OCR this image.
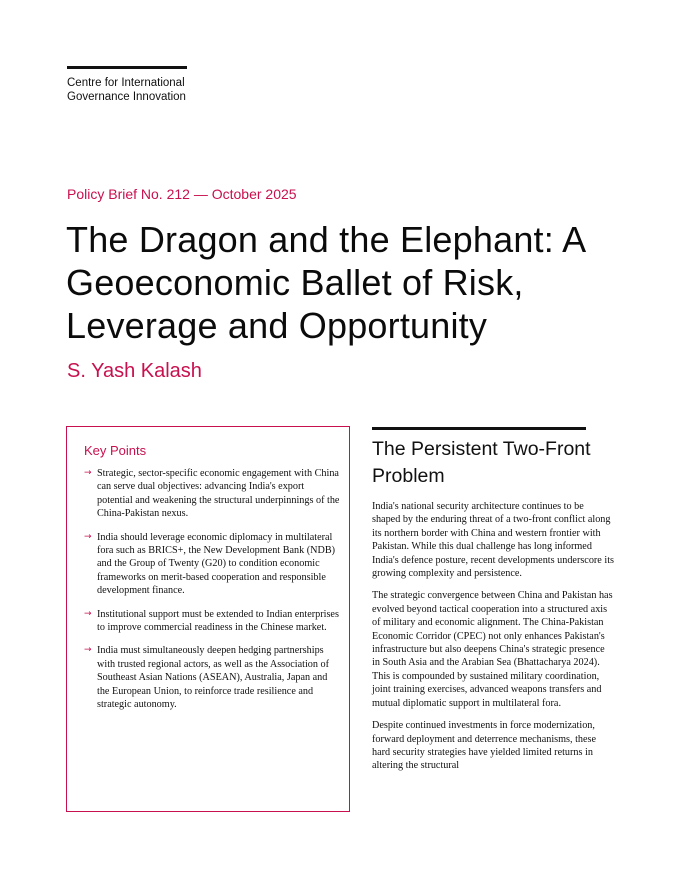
Centre for International
Governance Innovation
Policy Brief No. 212 — October 2025
The Dragon and the Elephant: A Geoeconomic Ballet of Risk, Leverage and Opportunity
S. Yash Kalash
Key Points
→ Strategic, sector-specific economic engagement with China can serve dual objectives: advancing India's export potential and weakening the structural underpinnings of the China-Pakistan nexus.
→ India should leverage economic diplomacy in multilateral fora such as BRICS+, the New Development Bank (NDB) and the Group of Twenty (G20) to condition economic frameworks on merit-based cooperation and responsible development finance.
→ Institutional support must be extended to Indian enterprises to improve commercial readiness in the Chinese market.
→ India must simultaneously deepen hedging partnerships with trusted regional actors, as well as the Association of Southeast Asian Nations (ASEAN), Australia, Japan and the European Union, to reinforce trade resilience and strategic autonomy.
The Persistent Two-Front Problem

India's national security architecture continues to be shaped by the enduring threat of a two-front conflict along its northern border with China and western frontier with Pakistan. While this dual challenge has long informed India's defence posture, recent developments underscore its growing complexity and persistence.

The strategic convergence between China and Pakistan has evolved beyond tactical cooperation into a structured axis of military and economic alignment. The China-Pakistan Economic Corridor (CPEC) not only enhances Pakistan's infrastructure but also deepens China's strategic presence in South Asia and the Arabian Sea (Bhattacharya 2024). This is compounded by sustained military coordination, joint training exercises, advanced weapons transfers and mutual diplomatic support in multilateral fora.

Despite continued investments in force modernization, forward deployment and deterrence mechanisms, these hard security strategies have yielded limited returns in altering the structural
